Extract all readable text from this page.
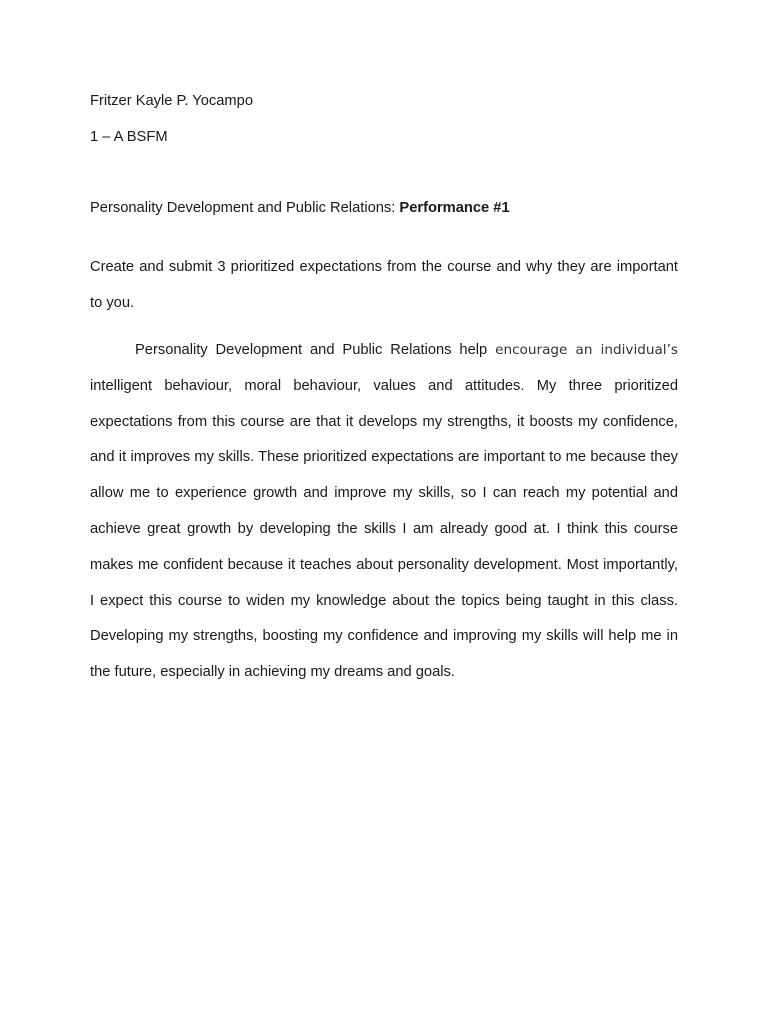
Fritzer Kayle P. Yocampo
1 – A BSFM
Personality Development and Public Relations: Performance #1

Create and submit 3 prioritized expectations from the course and why they are important to you.

Personality Development and Public Relations help encourage an individual’s intelligent behaviour, moral behaviour, values and attitudes. My three prioritized expectations from this course are that it develops my strengths, it boosts my confidence, and it improves my skills. These prioritized expectations are important to me because they allow me to experience growth and improve my skills, so I can reach my potential and achieve great growth by developing the skills I am already good at. I think this course makes me confident because it teaches about personality development. Most importantly, I expect this course to widen my knowledge about the topics being taught in this class. Developing my strengths, boosting my confidence and improving my skills will help me in the future, especially in achieving my dreams and goals.
